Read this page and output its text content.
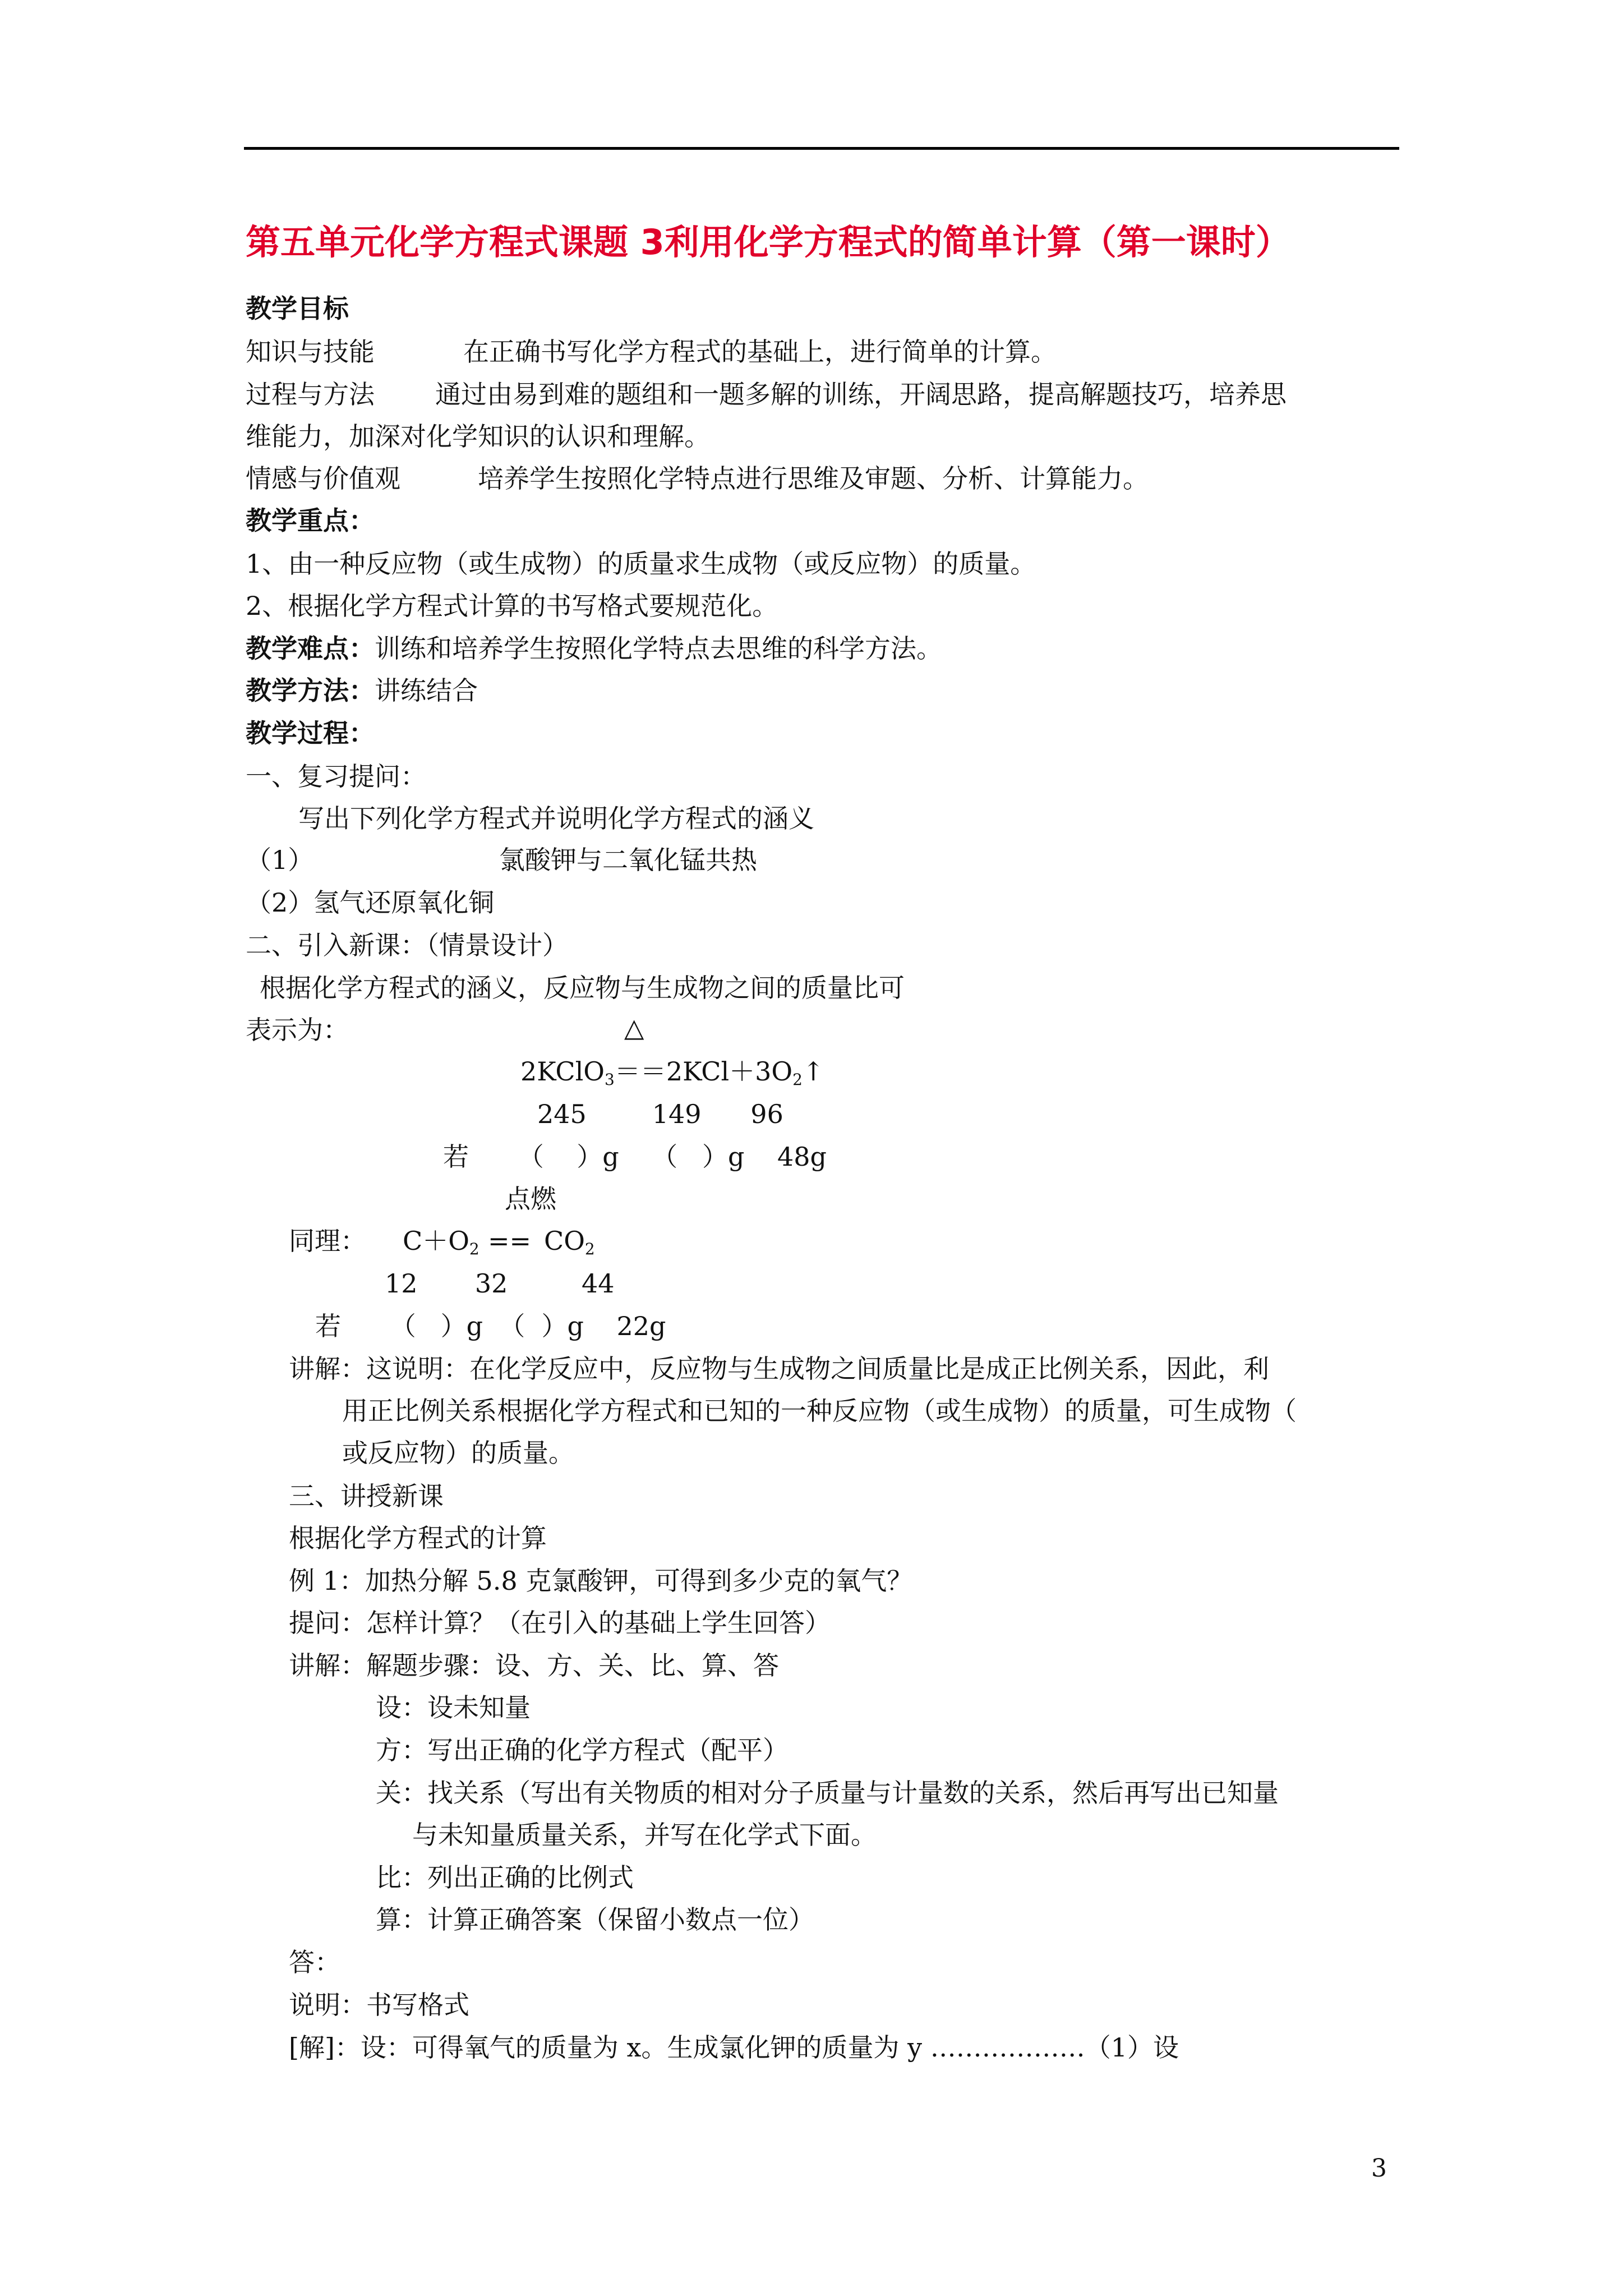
第五单元化学方程式课题 3利用化学方程式的简单计算（第一课时）
教学目标
知识与技能	在正确书写化学方程式的基础上，进行简单的计算。
过程与方法 通过由易到难的题组和一题多解的训练，开阔思路，提高解题技巧，培养思
维能力，加深对化学知识的认识和理解。
情感与价值观	培养学生按照化学特点进行思维及审题、分析、计算能力。
教学重点：
1、由一种反应物（或生成物）的质量求生成物（或反应物）的质量。
2、根据化学方程式计算的书写格式要规范化。
教学难点：训练和培养学生按照化学特点去思维的科学方法。
教学方法：讲练结合
教学过程：
一、复习提问：
写出下列化学方程式并说明化学方程式的涵义
（1）	氯酸钾与二氧化锰共热
（2）氢气还原氧化铜
二、引入新课：（情景设计）
根据化学方程式的涵义，反应物与生成物之间的质量比可
表示为：	△
$2KClO_3==2KCl+3O_2↑$
245        149      96
若      （    ）g    （   ）g    48g
点燃
同理： $C+O_2 == CO_2$
12       32         44
若      （   ）g  （  ）g    22g
讲解：这说明：在化学反应中，反应物与生成物之间质量比是成正比例关系，因此，利
用正比例关系根据化学方程式和已知的一种反应物（或生成物）的质量，可生成物（
或反应物）的质量。
三、讲授新课
根据化学方程式的计算
例 1：加热分解 5.8 克氯酸钾，可得到多少克的氧气？
提问：怎样计算？（在引入的基础上学生回答）
讲解：解题步骤：设、方、关、比、算、答
设：设未知量
方：写出正确的化学方程式（配平）
关：找关系（写出有关物质的相对分子质量与计量数的关系，然后再写出已知量
与未知量质量关系，并写在化学式下面。
比：列出正确的比例式
算：计算正确答案（保留小数点一位）
答：
说明：书写格式
[解]：设：可得氧气的质量为 x。生成氯化钾的质量为 y ………………（1）设
3
